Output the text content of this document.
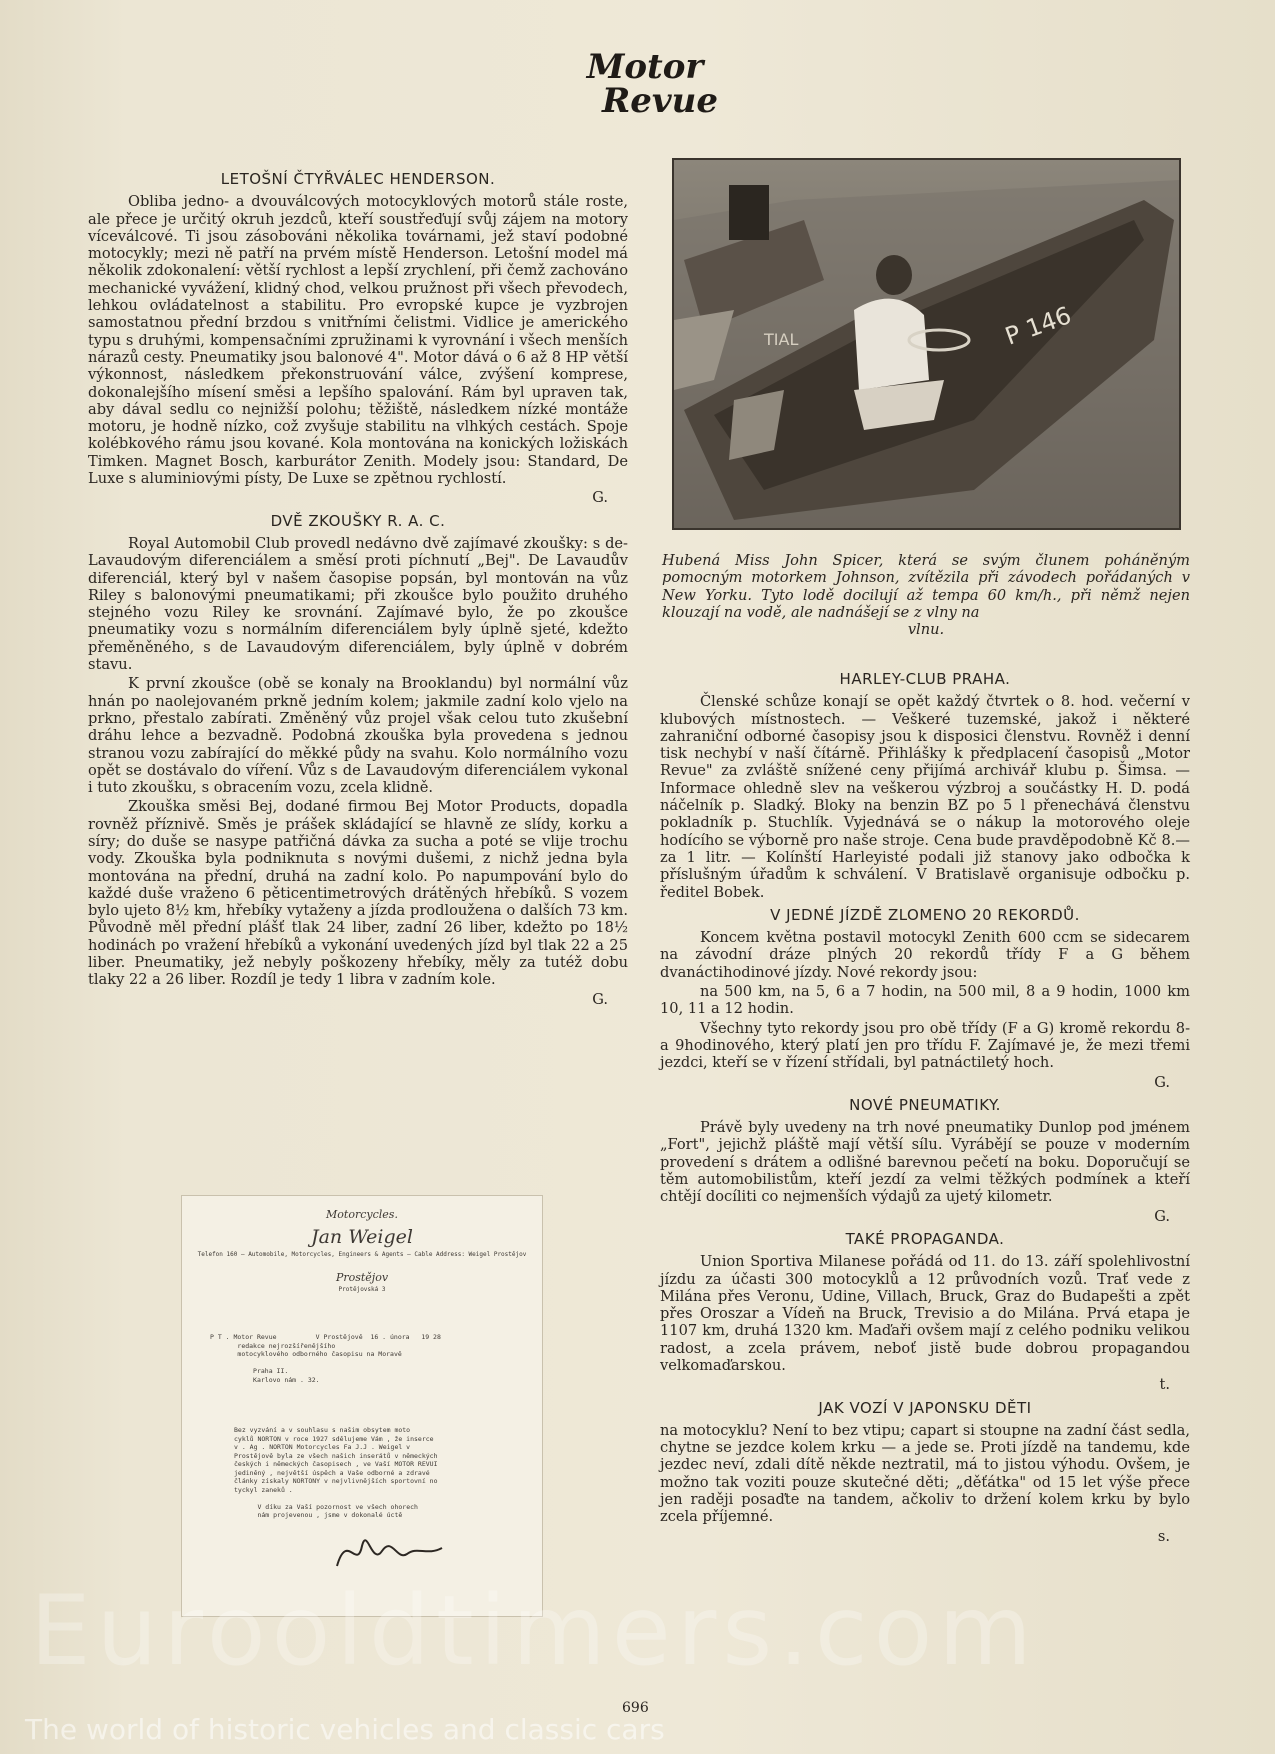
Motor
Revue
LETOŠNÍ ČTYŘVÁLEC HENDERSON.

Obliba jedno- a dvouválcových motocyklových motorů stále roste, ale přece je určitý okruh jezdců, kteří soustřeďují svůj zájem na motory víceválcové. Ti jsou zásobováni několika továrnami, jež staví podobné motocykly; mezi ně patří na prvém místě Henderson. Letošní model má několik zdokonalení: větší rychlost a lepší zrychlení, při čemž zachováno mechanické vyvážení, klidný chod, velkou pružnost při všech převodech, lehkou ovládatelnost a stabilitu. Pro evropské kupce je vyzbrojen samostatnou přední brzdou s vnitřními čelistmi. Vidlice je amerického typu s druhými, kompensačními zpružinami k vyrovnání i všech menších nárazů cesty. Pneumatiky jsou balonové 4". Motor dává o 6 až 8 HP větší výkonnost, následkem překonstruování válce, zvýšení komprese, dokonalejšího mísení směsi a lepšího spalování. Rám byl upraven tak, aby dával sedlu co nejnižší polohu; těžiště, následkem nízké montáže motoru, je hodně nízko, což zvyšuje stabilitu na vlhkých cestách. Spoje kolébkového rámu jsou kované. Kola montována na konických ložiskách Timken. Magnet Bosch, karburátor Zenith. Modely jsou: Standard, De Luxe s aluminiovými písty, De Luxe se zpětnou rychlostí.

G.
DVĚ ZKOUŠKY R. A. C.

Royal Automobil Club provedl nedávno dvě zajímavé zkoušky: s de-Lavaudovým diferenciálem a směsí proti píchnutí „Bej". De Lavaudův diferenciál, který byl v našem časopise popsán, byl montován na vůz Riley s balonovými pneumatikami; při zkoušce bylo použito druhého stejného vozu Riley ke srovnání. Zajímavé bylo, že po zkoušce pneumatiky vozu s normálním diferenciálem byly úplně sjeté, kdežto přeměněného, s de Lavaudovým diferenciálem, byly úplně v dobrém stavu.

K první zkoušce (obě se konaly na Brooklandu) byl normální vůz hnán po naolejovaném prkně jedním kolem; jakmile zadní kolo vjelo na prkno, přestalo zabírati. Změněný vůz projel však celou tuto zkušební dráhu lehce a bezvadně. Podobná zkouška byla provedena s jednou stranou vozu zabírající do měkké půdy na svahu. Kolo normálního vozu opět se dostávalo do víření. Vůz s de Lavaudovým diferenciálem vykonal i tuto zkoušku, s obracením vozu, zcela klidně.

Zkouška směsi Bej, dodané firmou Bej Motor Products, dopadla rovněž příznivě. Směs je prášek skládající se hlavně ze slídy, korku a síry; do duše se nasype patřičná dávka za sucha a poté se vlije trochu vody. Zkouška byla podniknuta s novými dušemi, z nichž jedna byla montována na přední, druhá na zadní kolo. Po napumpování bylo do každé duše vraženo 6 pěticentimetrových drátěných hřebíků. S vozem bylo ujeto 8½ km, hřebíky vytaženy a jízda prodloužena o dalších 73 km. Původně měl přední plášť tlak 24 liber, zadní 26 liber, kdežto po 18½ hodinách po vražení hřebíků a vykonání uvedených jízd byl tlak 22 a 25 liber. Pneumatiky, jež nebyly poškozeny hřebíky, měly za tutéž dobu tlaky 22 a 26 liber. Rozdíl je tedy 1 libra v zadním kole.

G.
TIAL	P 146
Hubená Miss John Spicer, která se svým člunem poháněným pomocným motorkem Johnson, zvítězila při závodech pořádaných v New Yorku. Tyto lodě docilují až tempa 60 km/h., při němž nejen klouzají na vodě, ale nadnášejí se z vlny na
vlnu.
HARLEY-CLUB PRAHA.

Členské schůze konají se opět každý čtvrtek o 8. hod. večerní v klubových místnostech. — Veškeré tuzemské, jakož i některé zahraniční odborné časopisy jsou k disposici členstvu. Rovněž i denní tisk nechybí v naší čítárně. Přihlášky k předplacení časopisů „Motor Revue" za zvláště snížené ceny přijímá archivář klubu p. Šimsa. — Informace ohledně slev na veškerou výzbroj a součástky H. D. podá náčelník p. Sladký. Bloky na benzin BZ po 5 l přenechává členstvu pokladník p. Stuchlík. Vyjednává se o nákup la motorového oleje hodícího se výborně pro naše stroje. Cena bude pravděpodobně Kč 8.— za 1 litr. — Kolínští Harleyisté podali již stanovy jako odbočka k příslušným úřadům k schválení. V Bratislavě organisuje odbočku p. ředitel Bobek.

V JEDNÉ JÍZDĚ ZLOMENO 20 REKORDŮ.

Koncem května postavil motocykl Zenith 600 ccm se sidecarem na závodní dráze plných 20 rekordů třídy F a G během dvanáctihodinové jízdy. Nové rekordy jsou:

na 500 km, na 5, 6 a 7 hodin, na 500 mil, 8 a 9 hodin, 1000 km 10, 11 a 12 hodin.

Všechny tyto rekordy jsou pro obě třídy (F a G) kromě rekordu 8- a 9hodinového, který platí jen pro třídu F. Zajímavé je, že mezi třemi jezdci, kteří se v řízení střídali, byl patnáctiletý hoch.

G.
NOVÉ PNEUMATIKY.

Právě byly uvedeny na trh nové pneumatiky Dunlop pod jménem „Fort", jejichž pláště mají větší sílu. Vyrábějí se pouze v moderním provedení s drátem a odlišné barevnou pečetí na boku. Doporučují se těm automobilistům, kteří jezdí za velmi těžkých podmínek a kteří chtějí docíliti co nejmenších výdajů za ujetý kilometr.

G.
TAKÉ PROPAGANDA.

Union Sportiva Milanese pořádá od 11. do 13. září spolehlivostní jízdu za účasti 300 motocyklů a 12 průvodních vozů. Trať vede z Milána přes Veronu, Udine, Villach, Bruck, Graz do Budapešti a zpět přes Oroszar a Vídeň na Bruck, Trevisio a do Milána. Prvá etapa je 1107 km, druhá 1320 km. Maďaři ovšem mají z celého podniku velikou radost, a zcela právem, neboť jistě bude dobrou propagandou velkomaďarskou.

t.
JAK VOZÍ V JAPONSKU DĚTI

na motocyklu? Není to bez vtipu; capart si stoupne na zadní část sedla, chytne se jezdce kolem krku — a jede se. Proti jízdě na tandemu, kde jezdec neví, zdali dítě někde neztratil, má to jistou výhodu. Ovšem, je možno tak voziti pouze skutečné děti; „děťátka" od 15 let výše přece jen raději posaďte na tandem, ačkoliv to držení kolem krku by bylo zcela příjemné.

s.
Motorcycles.
Jan Weigel
Telefon 160 — Automobile, Motorcycles, Engineers & Agents — Cable Address: Weigel Prostějov
Prostějov
Protějovská 3
P T . Motor Revue          V Prostějově  16 . února   19 28
redakce nejrozšířenějšího
motocyklového odborného časopisu na Moravě

Praha II.
Karlovo nám . 32.
Bez vyzvání a v souhlasu s našim obsytem moto
cyklů NORTON v roce 1927 sdělujeme Vám , že inserce
v . Ag . NORTON Motorcycles Fa J.J . Weigel v
Prostějově byla ze všech našich inserátů v německých
českých i německých časopisech , ve Vaší MOTOR REVUI
jediněný , největší úspěch a Vaše odborné a zdravé
články získaly NORTONY v nejvlivnějších sportovní no
tyckyl zaneků .

V díku za Vaší pozornost ve všech ohorech
nám projevenou , jsme v dokonalé úctě
Eurooldtimers.com
696
The world of historic vehicles and classic cars
